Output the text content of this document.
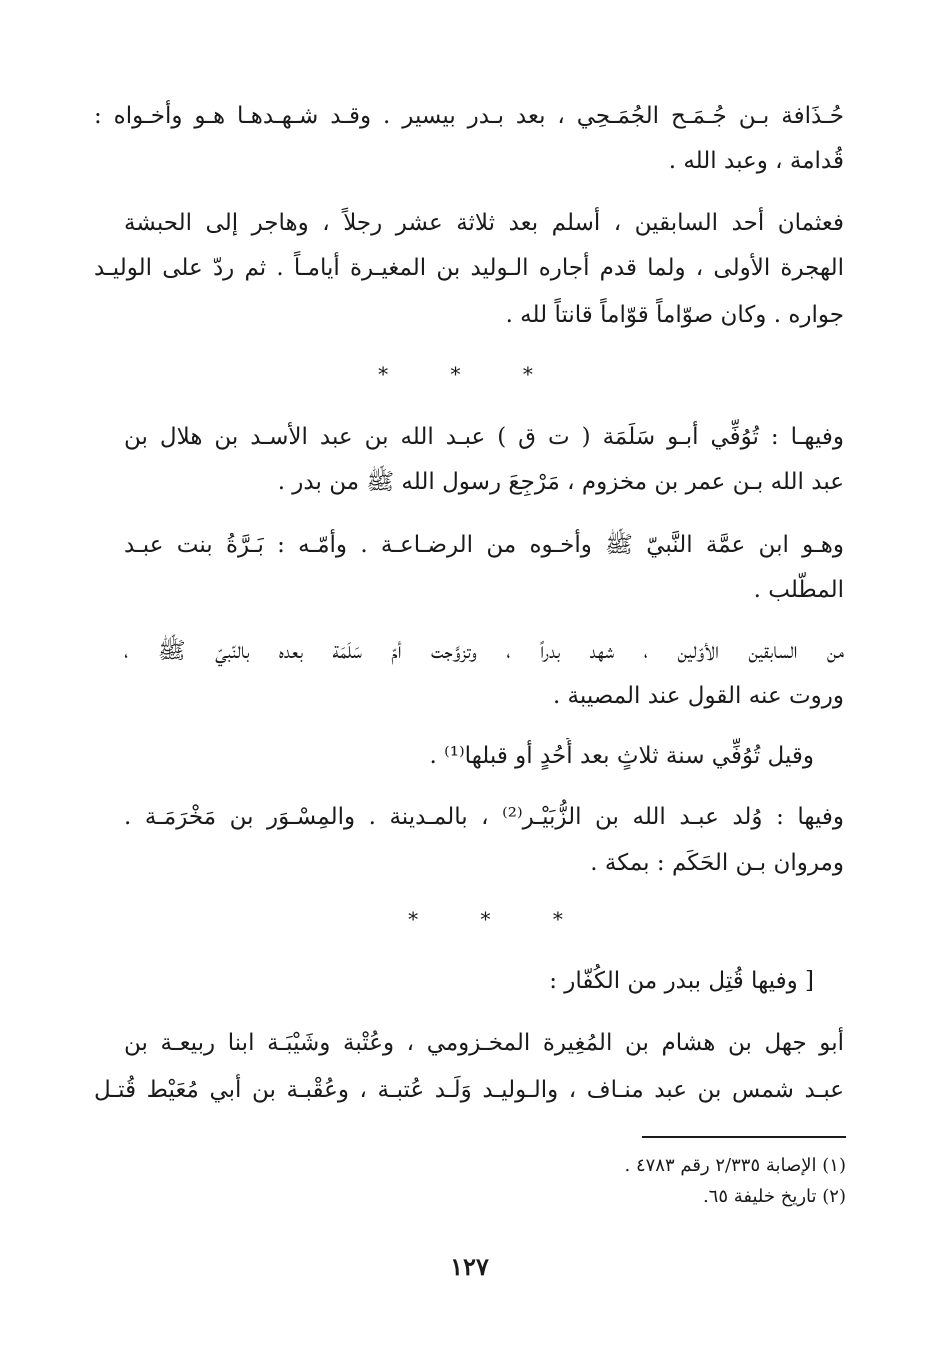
حُـذَافة بـن جُـمَـح الجُمَـحِي ، بعد بـدر بيسير . وقـد شـهـدهـا هـو وأخـواه :
قُدامة ، وعبد الله .
فعثمان أحد السابقين ، أسلم بعد ثلاثة عشر رجلاً ، وهاجر إلى الحبشة
الهجرة الأولى ، ولما قدم أجاره الـوليد بن المغيـرة أيامـاً . ثم ردّ على الوليـد
جواره . وكان صوّاماً قوّاماً قانتاً لله .
* * *
وفيهـا : تُوُفِّي أبـو سَلَمَة ( ت ق ) عبـد الله بن عبد الأسـد بن هلال بن
عبد الله بـن عمر بن مخزوم ، مَرْجِعَ رسول الله ﷺ من بدر .
وهـو ابن عمَّة النَّبيّ ﷺ وأخـوه من الرضـاعـة . وأمّـه : بَـرَّةُ بنت عبـد
المطّلب .
من السابقين الأوّلين ، شهد بدراً ، وتزوَّجت أمّ سَلَمَة بعده بالنّبيّ ﷺ ،
وروت عنه القول عند المصيبة .
وقيل تُوُفِّي سنة ثلاثٍ بعد أُحُدٍ أو قبلها⁽¹⁾ .
وفيها : وُلد عبـد الله بن الزُّبَيْـر⁽²⁾ ، بالمـدينة . والمِسْـوَر بن مَخْرَمَـة .
ومروان بـن الحَكَم : بمكة .
* * *
[ وفيها قُتِل ببدر من الكُفّار :
أبو جهل بن هشام بن المُغِيرة المخـزومي ، وعُتْبة وشَيْبَـة ابنا ربيعـة بن
عبـد شمس بن عبد منـاف ، والـوليـد وَلَـد عُتبـة ، وعُقْبـة بن أبي مُعَيْط قُتـل
(١) الإصابة ٢/٣٣٥ رقم ٤٧٨٣ .
(٢) تاريخ خليفة ٦٥.
١٢٧
